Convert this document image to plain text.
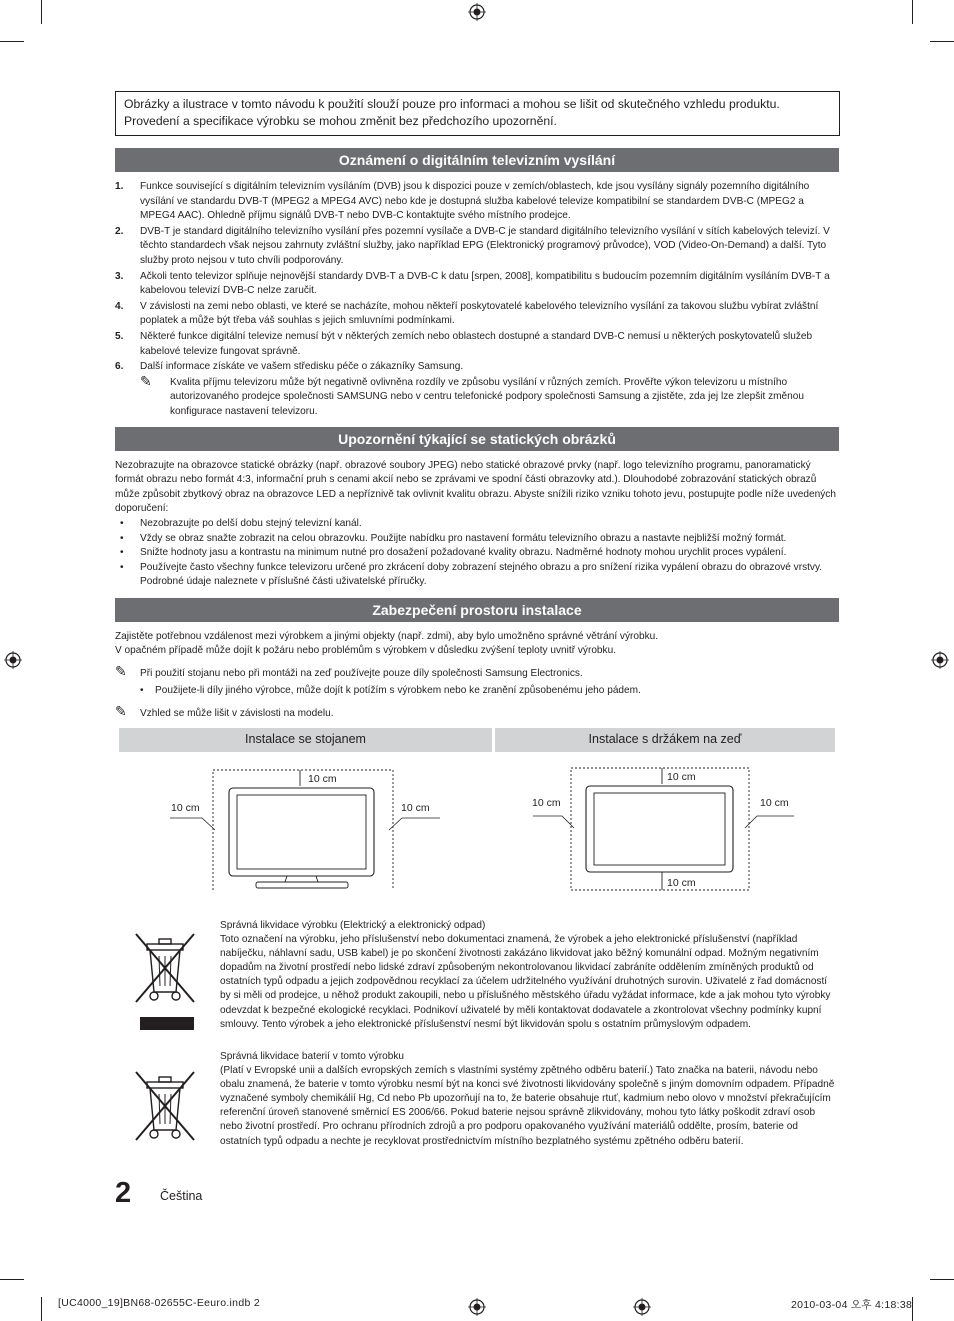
Obrázky a ilustrace v tomto návodu k použití slouží pouze pro informaci a mohou se lišit od skutečného vzhledu produktu.
Provedení a specifikace výrobku se mohou změnit bez předchozího upozornění.
Oznámení o digitálním televizním vysílání
1. Funkce související s digitálním televizním vysíláním (DVB) jsou k dispozici pouze v zemích/oblastech, kde jsou vysílány signály pozemního digitálního vysílání ve standardu DVB-T (MPEG2 a MPEG4 AVC) nebo kde je dostupná služba kabelové televize kompatibilní se standardem DVB-C (MPEG2 a MPEG4 AAC). Ohledně příjmu signálů DVB-T nebo DVB-C kontaktujte svého místního prodejce.
2. DVB-T je standard digitálního televizního vysílání přes pozemní vysílače a DVB-C je standard digitálního televizního vysílání v sítích kabelových televizí. V těchto standardech však nejsou zahrnuty zvláštní služby, jako například EPG (Elektronický programový průvodce), VOD (Video-On-Demand) a další. Tyto služby proto nejsou v tuto chvíli podporovány.
3. Ačkoli tento televizor splňuje nejnovější standardy DVB-T a DVB-C k datu [srpen, 2008], kompatibilitu s budoucím pozemním digitálním vysíláním DVB-T a kabelovou televizí DVB-C nelze zaručit.
4. V závislosti na zemi nebo oblasti, ve které se nacházíte, mohou někteří poskytovatelé kabelového televizního vysílání za takovou službu vybírat zvláštní poplatek a může být třeba váš souhlas s jejich smluvními podmínkami.
5. Některé funkce digitální televize nemusí být v některých zemích nebo oblastech dostupné a standard DVB-C nemusí u některých poskytovatelů služeb kabelové televize fungovat správně.
6. Další informace získáte ve vašem středisku péče o zákazníky Samsung.
✎ Kvalita příjmu televizoru může být negativně ovlivněna rozdíly ve způsobu vysílání v různých zemích. Prověřte výkon televizoru u místního autorizovaného prodejce společnosti SAMSUNG nebo v centru telefonické podpory společnosti Samsung a zjistěte, zda jej lze zlepšit změnou konfigurace nastavení televizoru.
Upozornění týkající se statických obrázků

Nezobrazujte na obrazovce statické obrázky (např. obrazové soubory JPEG) nebo statické obrazové prvky (např. logo televizního programu, panoramatický formát obrazu nebo formát 4:3, informační pruh s cenami akcií nebo se zprávami ve spodní části obrazovky atd.). Dlouhodobé zobrazování statických obrazů může způsobit zbytkový obraz na obrazovce LED a nepříznivě tak ovlivnit kvalitu obrazu. Abyste snížili riziko vzniku tohoto jevu, postupujte podle níže uvedených doporučení:

• Nezobrazujte po delší dobu stejný televizní kanál.
• Vždy se obraz snažte zobrazit na celou obrazovku. Použijte nabídku pro nastavení formátu televizního obrazu a nastavte nejbližší možný formát.
• Snižte hodnoty jasu a kontrastu na minimum nutné pro dosažení požadované kvality obrazu. Nadměrné hodnoty mohou urychlit proces vypálení.
• Používejte často všechny funkce televizoru určené pro zkrácení doby zobrazení stejného obrazu a pro snížení rizika vypálení obrazu do obrazové vrstvy. Podrobné údaje naleznete v příslušné části uživatelské příručky.
Zabezpečení prostoru instalace
Zajistěte potřebnou vzdálenost mezi výrobkem a jinými objekty (např. zdmi), aby bylo umožněno správné větrání výrobku.
V opačném případě může dojít k požáru nebo problémům s výrobkem v důsledku zvýšení teploty uvnitř výrobku.
✎ Při použití stojanu nebo při montáži na zeď používejte pouze díly společnosti Samsung Electronics.
• Použijete-li díly jiného výrobce, může dojít k potížím s výrobkem nebo ke zranění způsobenému jeho pádem.
✎ Vzhled se může lišit v závislosti na modelu.
Instalace se stojanem	Instalace s držákem na zeď
10 cm
10 cm	10 cm
10 cm
10 cm	10 cm
10 cm
Správná likvidace výrobku (Elektrický a elektronický odpad)
Toto označení na výrobku, jeho příslušenství nebo dokumentaci znamená, že výrobek a jeho elektronické příslušenství (například nabíječku, náhlavní sadu, USB kabel) je po skončení životnosti zakázáno likvidovat jako běžný komunální odpad. Možným negativním dopadům na životní prostředí nebo lidské zdraví způsobeným nekontrolovanou likvidací zabráníte oddělením zmíněných produktů od ostatních typů odpadu a jejich zodpovědnou recyklací za účelem udržitelného využívání druhotných surovin. Uživatelé z řad domácností by si měli od prodejce, u něhož produkt zakoupili, nebo u příslušného městského úřadu vyžádat informace, kde a jak mohou tyto výrobky odevzdat k bezpečné ekologické recyklaci. Podnikoví uživatelé by měli kontaktovat dodavatele a zkontrolovat všechny podmínky kupní smlouvy. Tento výrobek a jeho elektronické příslušenství nesmí být likvidován spolu s ostatním průmyslovým odpadem.
Správná likvidace baterií v tomto výrobku
(Platí v Evropské unii a dalších evropských zemích s vlastními systémy zpětného odběru baterií.) Tato značka na baterii, návodu nebo obalu znamená, že baterie v tomto výrobku nesmí být na konci své životnosti likvidovány společně s jiným domovním odpadem. Případně vyznačené symboly chemikálií Hg, Cd nebo Pb upozorňují na to, že baterie obsahuje rtuť, kadmium nebo olovo v množství překračujícím referenční úroveň stanovené směrnicí ES 2006/66. Pokud baterie nejsou správně zlikvidovány, mohou tyto látky poškodit zdraví osob nebo životní prostředí. Pro ochranu přírodních zdrojů a pro podporu opakovaného využívání materiálů oddělte, prosím, baterie od ostatních typů odpadu a nechte je recyklovat prostřednictvím místního bezplatného systému zpětného odběru baterií.
2 Čeština
[UC4000_19]BN68-02655C-Eeuro.indb 2	2010-03-04 오후 4:18:38
